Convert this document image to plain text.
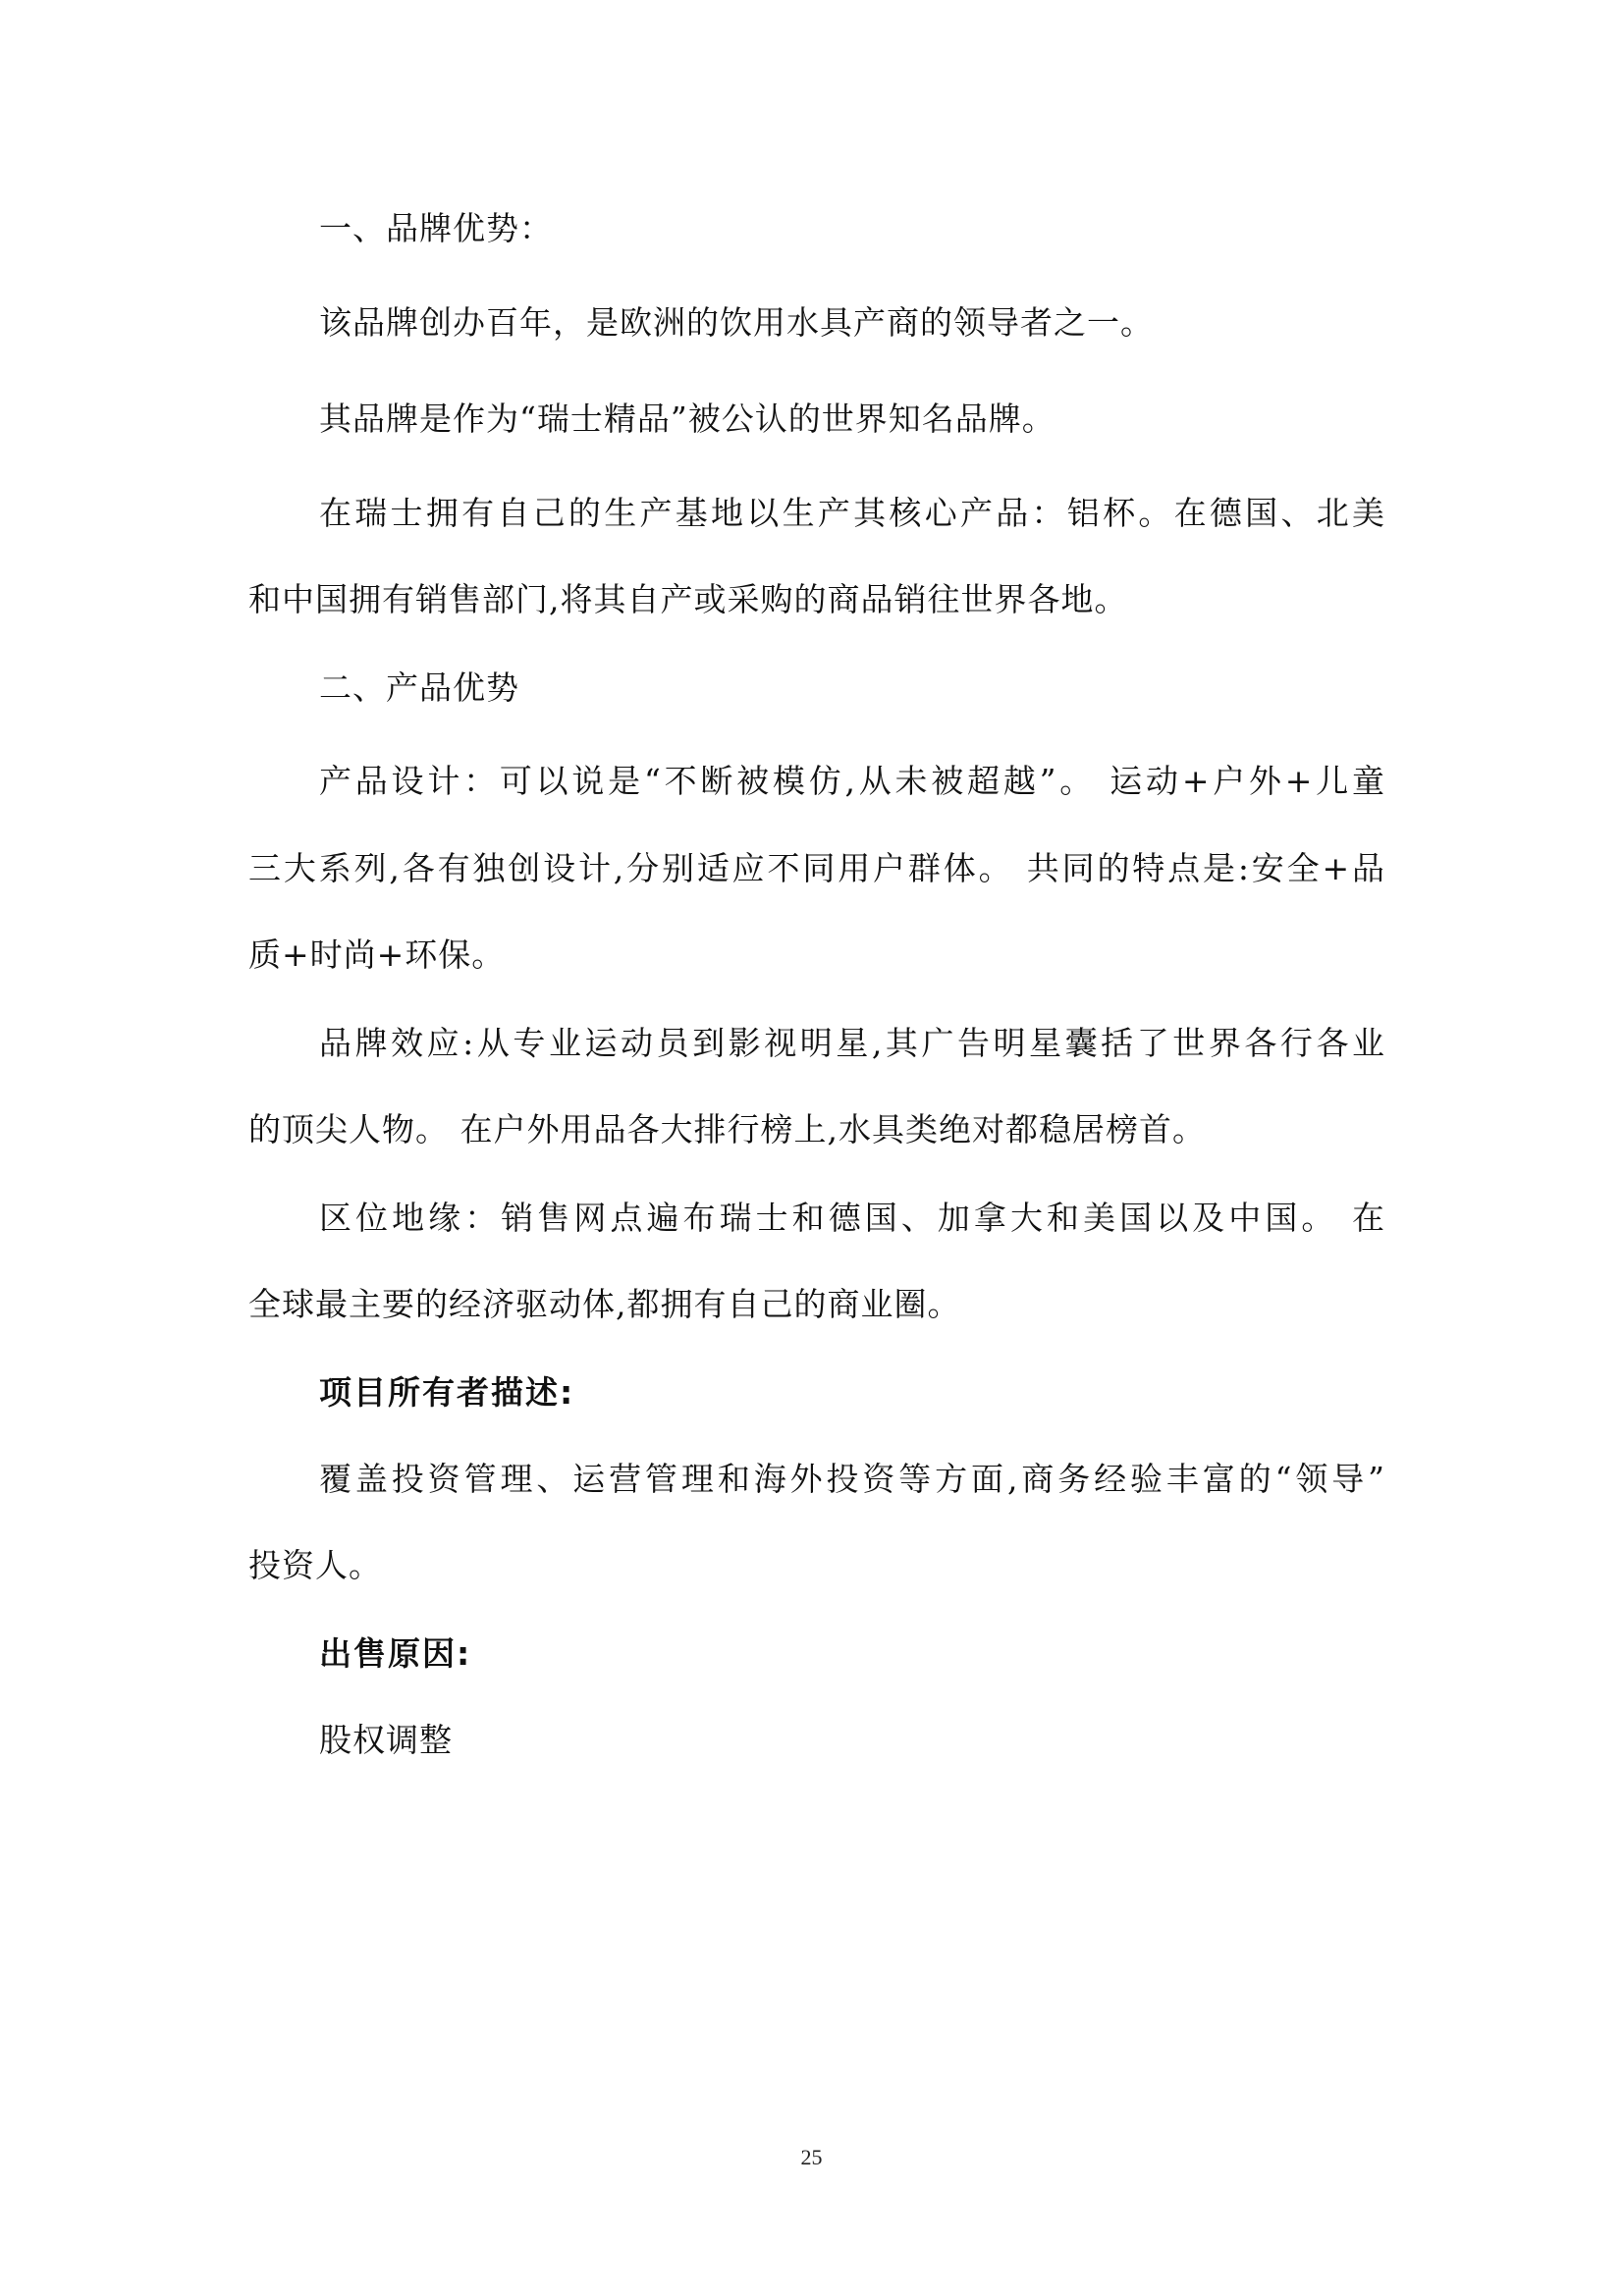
一、品牌优势：
该品牌创办百年，是欧洲的饮用水具产商的领导者之一。
其品牌是作为“瑞士精品”被公认的世界知名品牌。
在瑞士拥有自己的生产基地以生产其核心产品：铝杯。在德国、北美
和中国拥有销售部门,将其自产或采购的商品销往世界各地。
二、产品优势
产品设计：可以说是“不断被模仿,从未被超越”。 运动+户外+儿童
三大系列,各有独创设计,分别适应不同用户群体。 共同的特点是:安全+品
质+时尚+环保。
品牌效应:从专业运动员到影视明星,其广告明星囊括了世界各行各业
的顶尖人物。 在户外用品各大排行榜上,水具类绝对都稳居榜首。
区位地缘：销售网点遍布瑞士和德国、加拿大和美国以及中国。 在
全球最主要的经济驱动体,都拥有自己的商业圈。
项目所有者描述:
覆盖投资管理、运营管理和海外投资等方面,商务经验丰富的“领导”
投资人。
出售原因:
股权调整
25
